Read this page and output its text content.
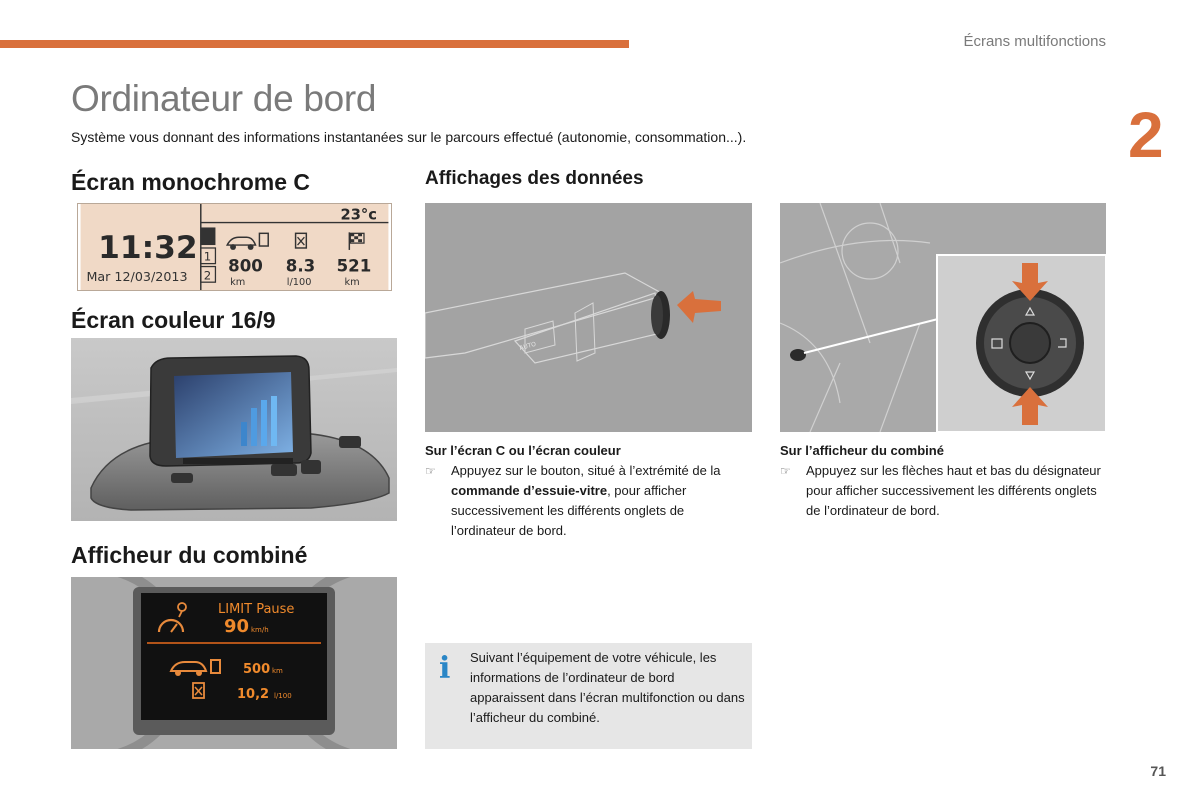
Écrans multifonctions
2
Ordinateur de bord

Système vous donnant des informations instantanées sur le parcours effectué (autonomie, consommation...).

Écran monochrome C
1
2
11:32
Mar 12/03/2013
23°c
800 8.3 521
km	l/100	km
Écran couleur 16/9
Afficheur du combiné
LIMIT Pause
90 km/h
500 km
10,2 l/100
Affichages des données
AUTO
Sur l’écran C ou l’écran couleur
☞	Appuyez sur le bouton, situé à l’extrémité de la commande d’essuie-vitre, pour afficher successivement les différents onglets de l’ordinateur de bord.
Sur l’afficheur du combiné
☞	Appuyez sur les flèches haut et bas du désignateur pour afficher successivement les différents onglets de l’ordinateur de bord.
i Suivant l’équipement de votre véhicule, les informations de l’ordinateur de bord apparaissent dans l’écran multifonction ou dans l’afficheur du combiné.

71
